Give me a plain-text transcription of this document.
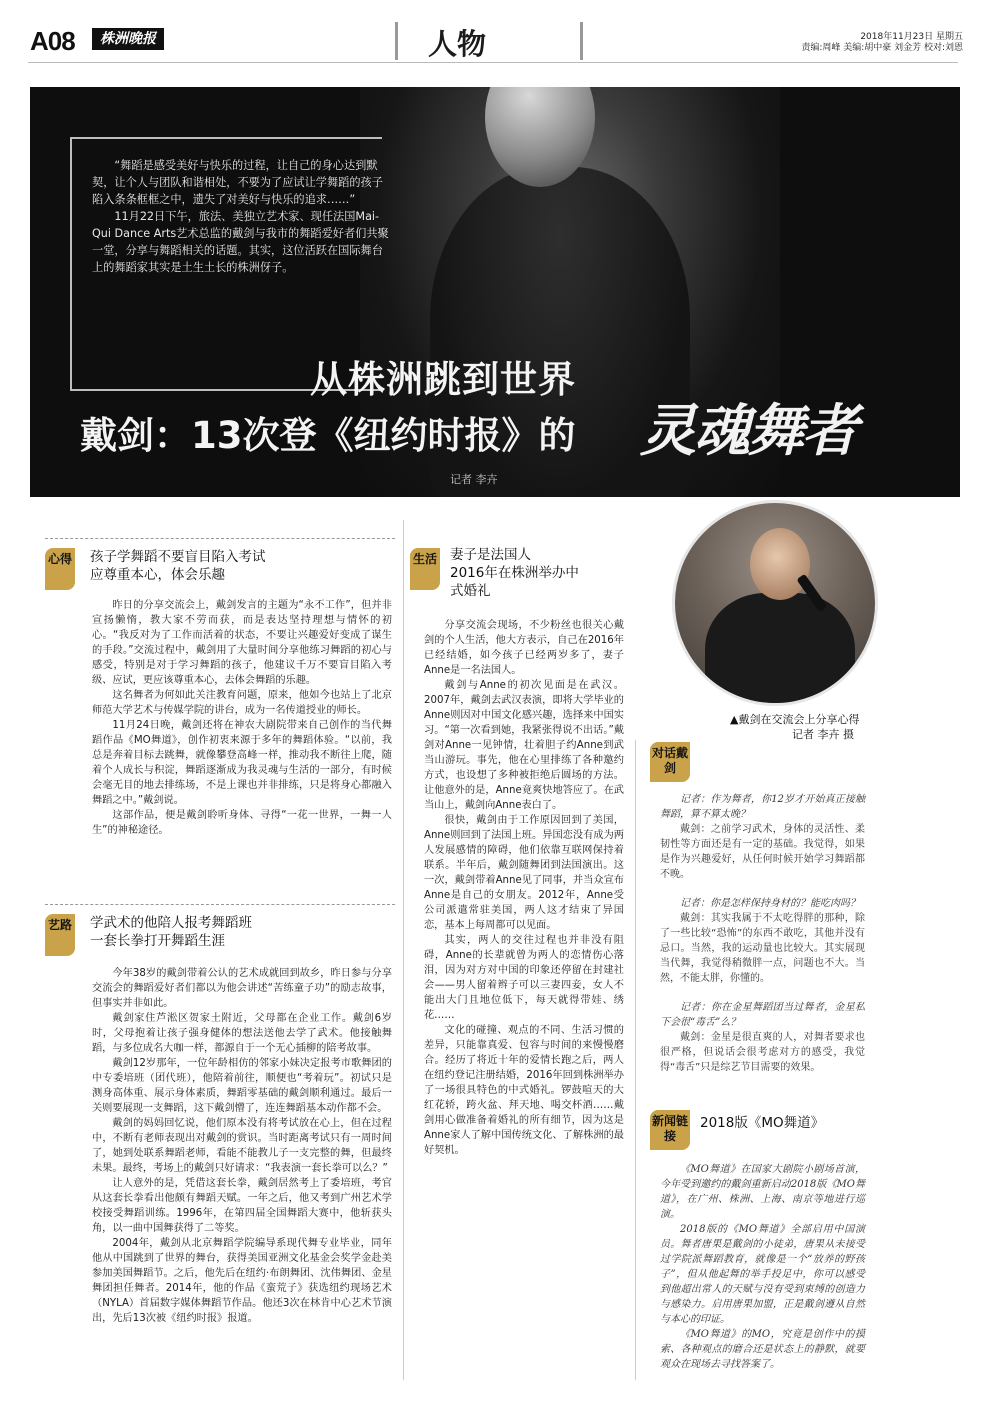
A08	株洲晚报	人物	2018年11月23日 星期五
责编:周峰 美编:胡中豪 刘金芳 校对:刘恩

“舞蹈是感受美好与快乐的过程，让自己的身心达到默契，让个人与团队和谐相处，不要为了应试让学舞蹈的孩子陷入条条框框之中，遗失了对美好与快乐的追求……”

11月22日下午，旅法、美独立艺术家、现任法国Mai-Qui Dance Arts艺术总监的戴剑与我市的舞蹈爱好者们共聚一堂，分享与舞蹈相关的话题。其实，这位活跃在国际舞台上的舞蹈家其实是土生土长的株洲伢子。

从株洲跳到世界
戴剑：13次登《纽约时报》的 灵魂舞者
记者 李卉
心得 孩子学舞蹈不要盲目陷入考试
应尊重本心，体会乐趣

昨日的分享交流会上，戴剑发言的主题为“永不工作”，但并非宣扬懒惰，教大家不劳而获，而是表达坚持理想与情怀的初心。“我反对为了工作而活着的状态，不要让兴趣爱好变成了谋生的手段。”交流过程中，戴剑用了大量时间分享他练习舞蹈的初心与感受，特别是对于学习舞蹈的孩子，他建议千万不要盲目陷入考级、应试，更应该尊重本心，去体会舞蹈的乐趣。

这名舞者为何如此关注教育问题，原来，他如今也站上了北京师范大学艺术与传媒学院的讲台，成为一名传道授业的师长。

11月24日晚，戴剑还将在神农大剧院带来自己创作的当代舞蹈作品《MO舞道》，创作初衷来源于多年的舞蹈体验。“以前，我总是奔着目标去跳舞，就像攀登高峰一样，推动我不断往上爬，随着个人成长与积淀，舞蹈逐渐成为我灵魂与生活的一部分，有时候会毫无目的地去排练场，不是上课也并非排练，只是将身心都融入舞蹈之中。”戴剑说。

这部作品，便是戴剑聆听身体、寻得“一花一世界，一舞一人生”的神秘途径。

艺路 学武术的他陪人报考舞蹈班
一套长拳打开舞蹈生涯

今年38岁的戴剑带着公认的艺术成就回到故乡，昨日参与分享交流会的舞蹈爱好者们都以为他会讲述“苦练童子功”的励志故事，但事实并非如此。

戴剑家住芦淞区贺家土附近，父母都在企业工作。戴剑6岁时，父母抱着让孩子强身健体的想法送他去学了武术。他接触舞蹈，与多位成名大咖一样，都源自于一个无心插柳的陪考故事。

戴剑12岁那年，一位年龄相仿的邻家小妹决定报考市歌舞团的中专委培班（团代班），他陪着前往，顺便也“考着玩”。初试只是测身高体重、展示身体素质，舞蹈零基础的戴剑顺利通过。最后一关则要展现一支舞蹈，这下戴剑懵了，连连舞蹈基本动作都不会。

戴剑的妈妈回忆说，他们原本没有将考试放在心上，但在过程中，不断有老师表现出对戴剑的赏识。当时距离考试只有一周时间了，她到处联系舞蹈老师，看能不能教儿子一支完整的舞，但最终未果。最终，考场上的戴剑只好请求：“我表演一套长拳可以么？”

让人意外的是，凭借这套长拳，戴剑居然考上了委培班，考官从这套长拳看出他颇有舞蹈天赋。一年之后，他又考到广州艺术学校接受舞蹈训练。1996年，在第四届全国舞蹈大赛中，他斩获头角，以一曲中国舞获得了二等奖。

2004年，戴剑从北京舞蹈学院编导系现代舞专业毕业，同年他从中国跳到了世界的舞台，获得美国亚洲文化基金会奖学金赴美参加美国舞蹈节。之后，他先后在纽约·布朗舞团、沈伟舞团、金星舞团担任舞者。2014年，他的作品《蛮荒子》获选纽约现场艺术（NYLA）首届数字媒体舞蹈节作品。他还3次在林肯中心艺术节演出，先后13次被《纽约时报》报道。

生活 妻子是法国人
2016年在株洲举办中
式婚礼

分享交流会现场，不少粉丝也很关心戴剑的个人生活，他大方表示，自己在2016年已经结婚，如今孩子已经两岁多了，妻子Anne是一名法国人。

戴剑与Anne的初次见面是在武汉。2007年，戴剑去武汉表演，即将大学毕业的Anne则因对中国文化感兴趣，选择来中国实习。“第一次看到她，我紧张得说不出话。”戴剑对Anne一见钟情，壮着胆子约Anne到武当山游玩。事先，他在心里排练了各种邀约方式，也设想了多种被拒绝后圆场的方法。让他意外的是，Anne竟爽快地答应了。在武当山上，戴剑向Anne表白了。

很快，戴剑由于工作原因回到了美国，Anne则回到了法国上班。异国恋没有成为两人发展感情的障碍，他们依靠互联网保持着联系。半年后，戴剑随舞团到法国演出。这一次，戴剑带着Anne见了同事，并当众宣布Anne是自己的女朋友。2012年，Anne受公司派遣常驻美国，两人这才结束了异国恋，基本上每周都可以见面。

其实，两人的交往过程也并非没有阻碍，Anne的长辈就曾为两人的恋情伤心落泪，因为对方对中国的印象还停留在封建社会——男人留着辫子可以三妻四妾，女人不能出大门且地位低下，每天就得带娃、绣花……

文化的碰撞、观点的不同、生活习惯的差异，只能靠真爱、包容与时间的来慢慢磨合。经历了将近十年的爱情长跑之后，两人在纽约登记注册结婚，2016年回到株洲举办了一场很具特色的中式婚礼。锣鼓喧天的大红花轿，跨火盆、拜天地、喝交杯酒……戴剑用心做准备着婚礼的所有细节，因为这是Anne家人了解中国传统文化、了解株洲的最好契机。

▲戴剑在交流会上分享心得
记者 李卉 摄
对话戴剑

记者：作为舞者，你12岁才开始真正接触舞蹈，算不算太晚？

戴剑：之前学习武术，身体的灵活性、柔韧性等方面还是有一定的基础。我觉得，如果是作为兴趣爱好，从任何时候开始学习舞蹈都不晚。

记者：你是怎样保持身材的？能吃肉吗？

戴剑：其实我属于不太吃得胖的那种，除了一些比较“恐怖”的东西不敢吃，其他并没有忌口。当然，我的运动量也比较大。其实展现当代舞，我觉得稍微胖一点，问题也不大。当然，不能太胖，你懂的。

记者：你在金星舞蹈团当过舞者，金星私下会很“毒舌”么？

戴剑：金星是很直爽的人，对舞者要求也很严格，但说话会很考虑对方的感受，我觉得“毒舌”只是综艺节目需要的效果。

新闻链接
2018版《MO舞道》

《MO舞道》在国家大剧院小剧场首演，今年受到邀约的戴剑重新启动2018版《MO舞道》，在广州、株洲、上海、南京等地进行巡演。

2018版的《MO舞道》全部启用中国演员。舞者唐果是戴剑的小徒弟，唐果从未接受过学院派舞蹈教育，就像是一个“放养的野孩子”，但从他起舞的举手投足中，你可以感受到他超出常人的天赋与没有受到束缚的创造力与感染力。启用唐果加盟，正是戴剑遵从自然与本心的印证。

《MO舞道》的MO，究竟是创作中的摸索、各种观点的磨合还是状态上的静默，就要观众在现场去寻找答案了。
